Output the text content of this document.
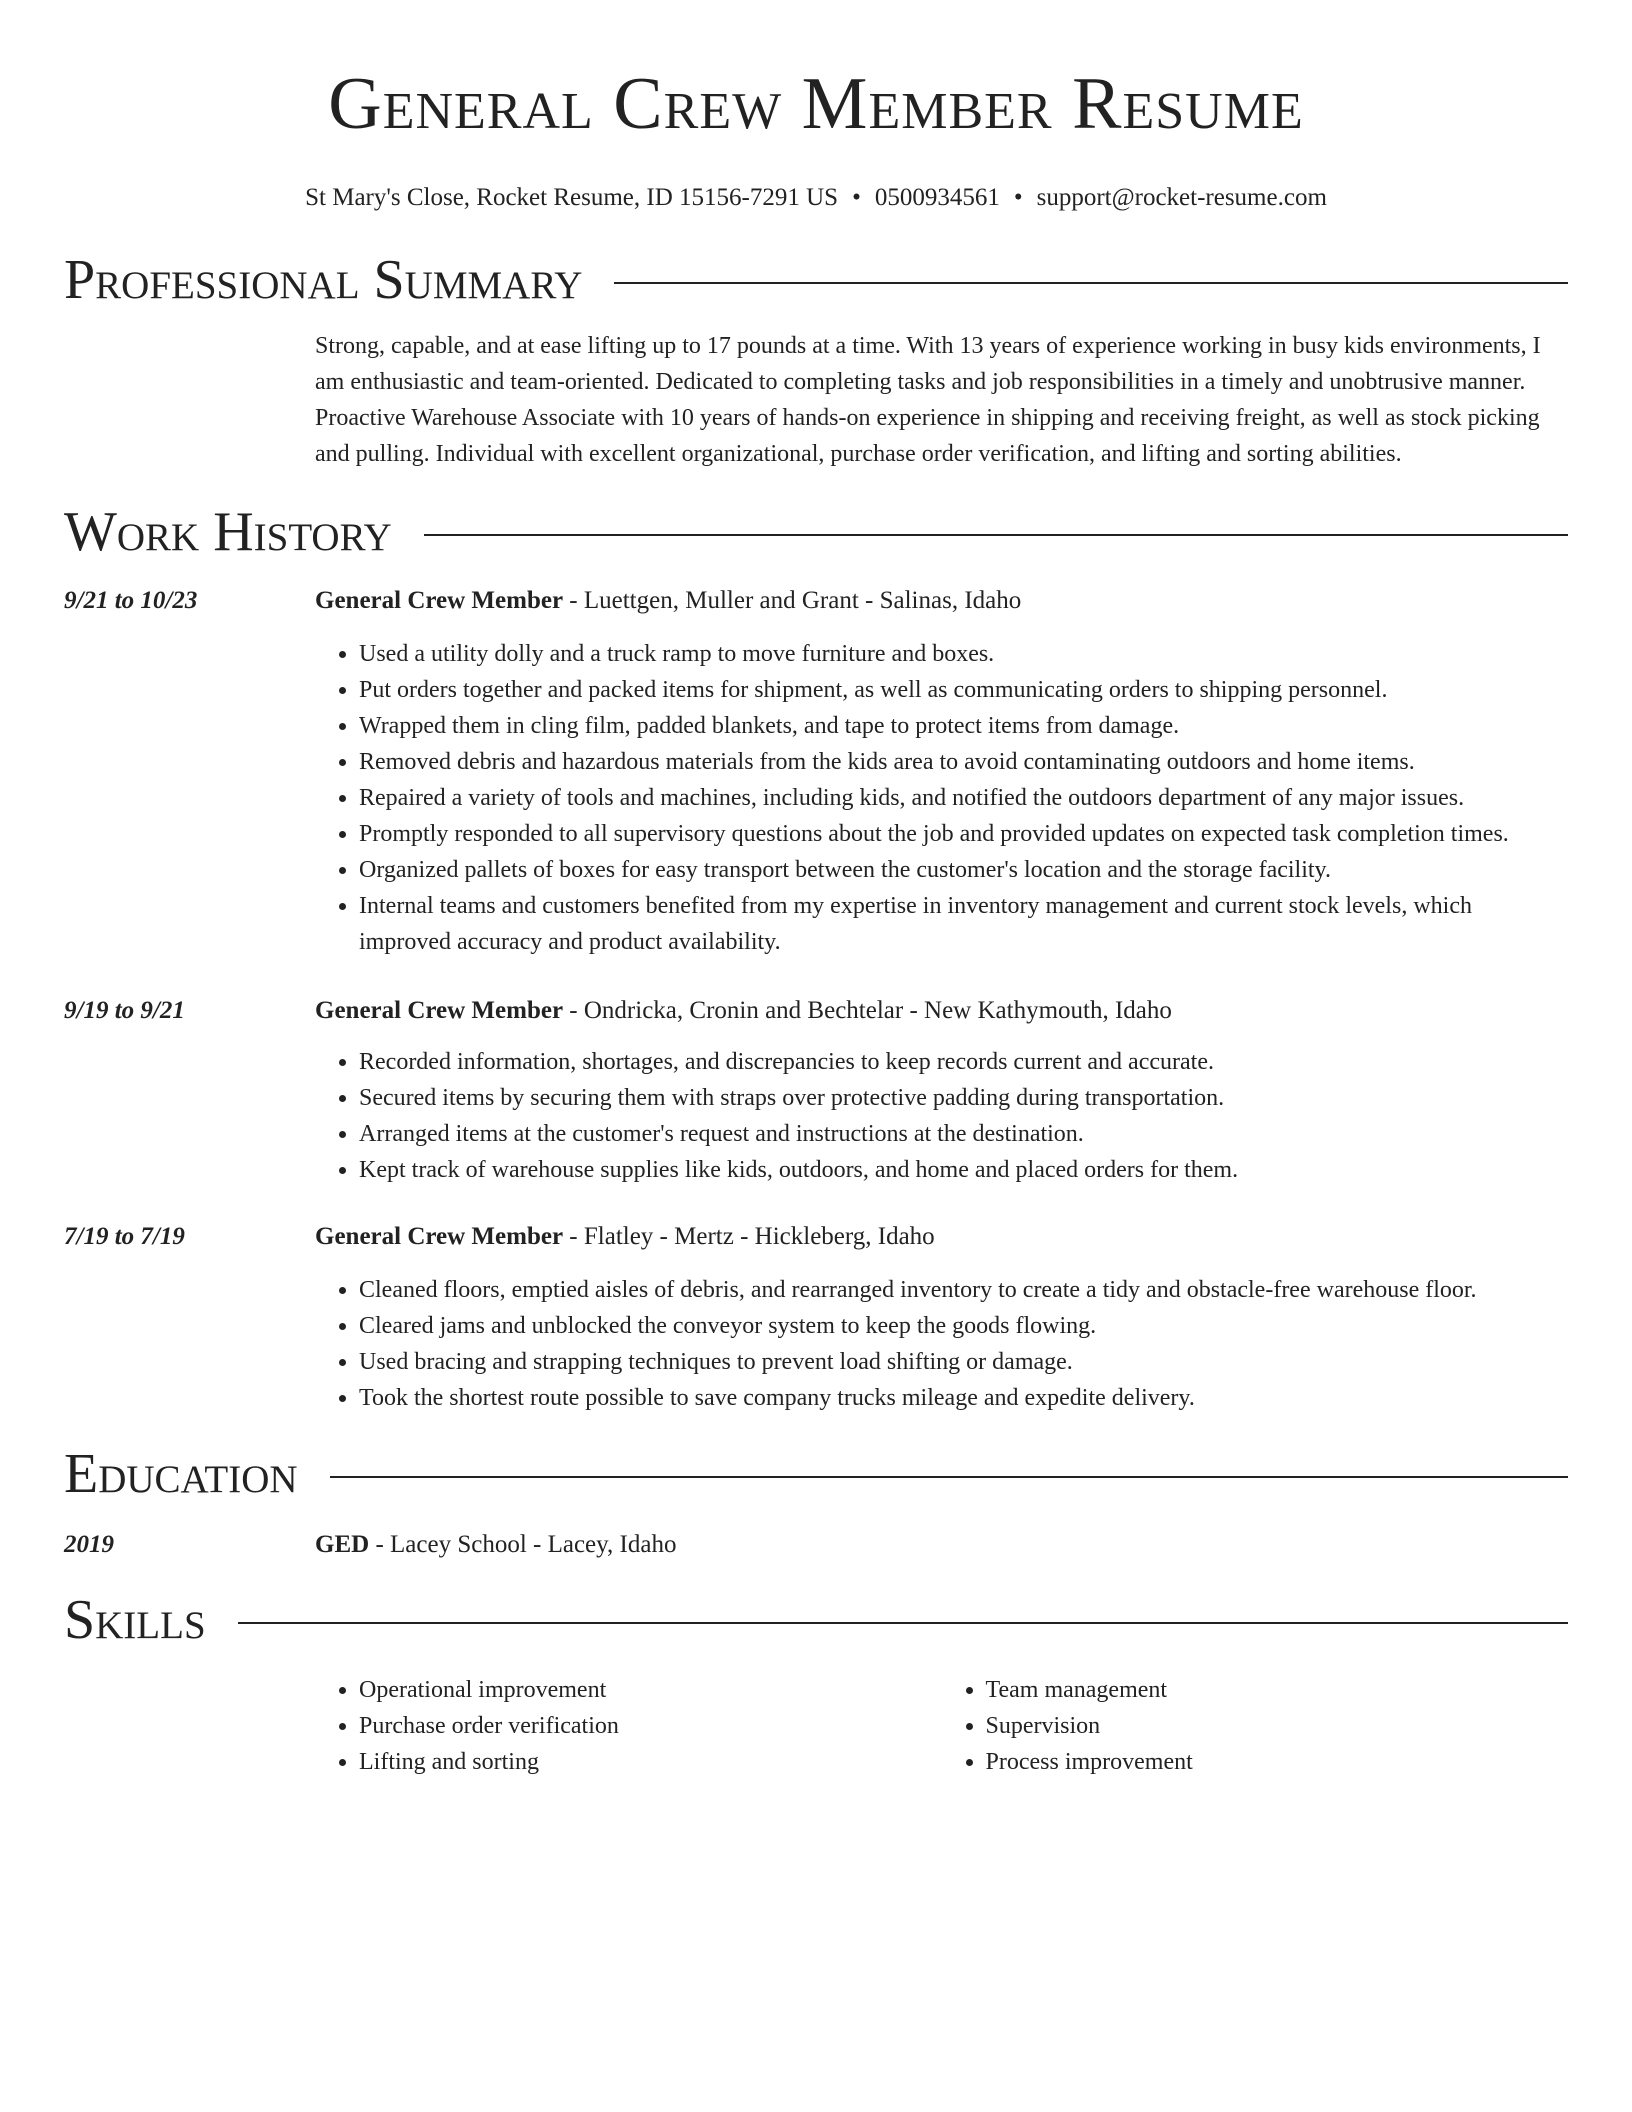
General Crew Member Resume
St Mary's Close, Rocket Resume, ID 15156-7291 US • 0500934561 • support@rocket-resume.com
Professional Summary
Strong, capable, and at ease lifting up to 17 pounds at a time. With 13 years of experience working in busy kids environments, I am enthusiastic and team-oriented. Dedicated to completing tasks and job responsibilities in a timely and unobtrusive manner. Proactive Warehouse Associate with 10 years of hands-on experience in shipping and receiving freight, as well as stock picking and pulling. Individual with excellent organizational, purchase order verification, and lifting and sorting abilities.
Work History
9/21 to 10/23	General Crew Member - Luettgen, Muller and Grant - Salinas, Idaho
• Used a utility dolly and a truck ramp to move furniture and boxes.
• Put orders together and packed items for shipment, as well as communicating orders to shipping personnel.
• Wrapped them in cling film, padded blankets, and tape to protect items from damage.
• Removed debris and hazardous materials from the kids area to avoid contaminating outdoors and home items.
• Repaired a variety of tools and machines, including kids, and notified the outdoors department of any major issues.
• Promptly responded to all supervisory questions about the job and provided updates on expected task completion times.
• Organized pallets of boxes for easy transport between the customer's location and the storage facility.
• Internal teams and customers benefited from my expertise in inventory management and current stock levels, which improved accuracy and product availability.
9/19 to 9/21	General Crew Member - Ondricka, Cronin and Bechtelar - New Kathymouth, Idaho
• Recorded information, shortages, and discrepancies to keep records current and accurate.
• Secured items by securing them with straps over protective padding during transportation.
• Arranged items at the customer's request and instructions at the destination.
• Kept track of warehouse supplies like kids, outdoors, and home and placed orders for them.
7/19 to 7/19	General Crew Member - Flatley - Mertz - Hickleberg, Idaho
• Cleaned floors, emptied aisles of debris, and rearranged inventory to create a tidy and obstacle-free warehouse floor.
• Cleared jams and unblocked the conveyor system to keep the goods flowing.
• Used bracing and strapping techniques to prevent load shifting or damage.
• Took the shortest route possible to save company trucks mileage and expedite delivery.
Education
2019	GED - Lacey School - Lacey, Idaho
Skills
• Operational improvement
• Purchase order verification
• Lifting and sorting
• Team management
• Supervision
• Process improvement
